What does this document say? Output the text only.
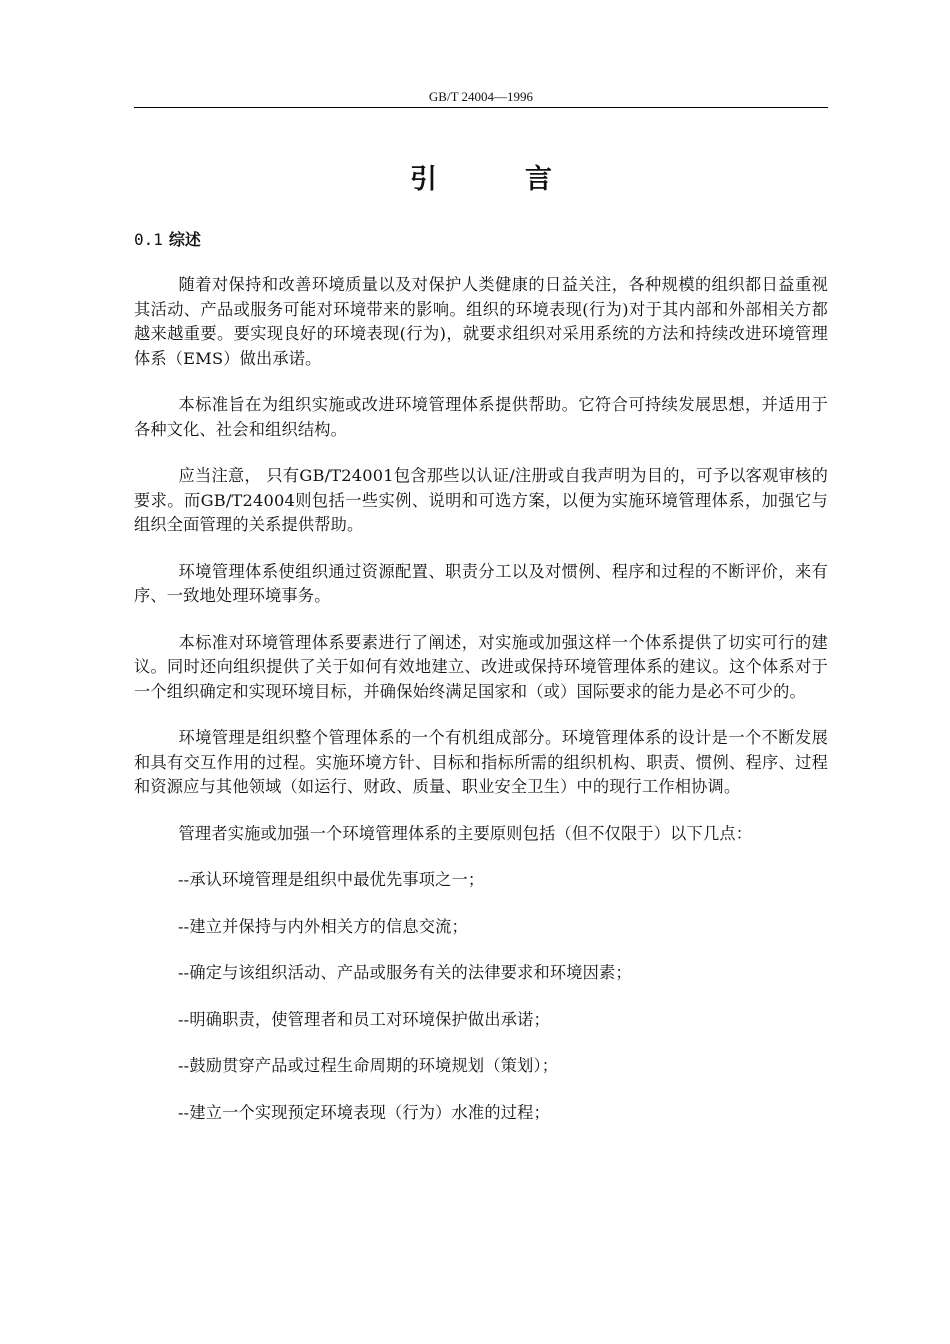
GB/T 24004—1996
引	言
0.1 综述

随着对保持和改善环境质量以及对保护人类健康的日益关注，各种规模的组织都日益重视其活动、产品或服务可能对环境带来的影响。组织的环境表现(行为)对于其内部和外部相关方都越来越重要。要实现良好的环境表现(行为)，就要求组织对采用系统的方法和持续改进环境管理体系（EMS）做出承诺。

本标准旨在为组织实施或改进环境管理体系提供帮助。它符合可持续发展思想，并适用于各种文化、社会和组织结构。

应当注意， 只有GB/T24001包含那些以认证/注册或自我声明为目的，可予以客观审核的要求。而GB/T24004则包括一些实例、说明和可选方案，以便为实施环境管理体系，加强它与组织全面管理的关系提供帮助。

环境管理体系使组织通过资源配置、职责分工以及对惯例、程序和过程的不断评价，来有序、一致地处理环境事务。

本标准对环境管理体系要素进行了阐述，对实施或加强这样一个体系提供了切实可行的建议。同时还向组织提供了关于如何有效地建立、改进或保持环境管理体系的建议。这个体系对于一个组织确定和实现环境目标，并确保始终满足国家和（或）国际要求的能力是必不可少的。

环境管理是组织整个管理体系的一个有机组成部分。环境管理体系的设计是一个不断发展和具有交互作用的过程。实施环境方针、目标和指标所需的组织机构、职责、惯例、程序、过程和资源应与其他领域（如运行、财政、质量、职业安全卫生）中的现行工作相协调。

管理者实施或加强一个环境管理体系的主要原则包括（但不仅限于）以下几点：

--承认环境管理是组织中最优先事项之一；
--建立并保持与内外相关方的信息交流；
--确定与该组织活动、产品或服务有关的法律要求和环境因素；
--明确职责，使管理者和员工对环境保护做出承诺；
--鼓励贯穿产品或过程生命周期的环境规划（策划）；
--建立一个实现预定环境表现（行为）水准的过程；
